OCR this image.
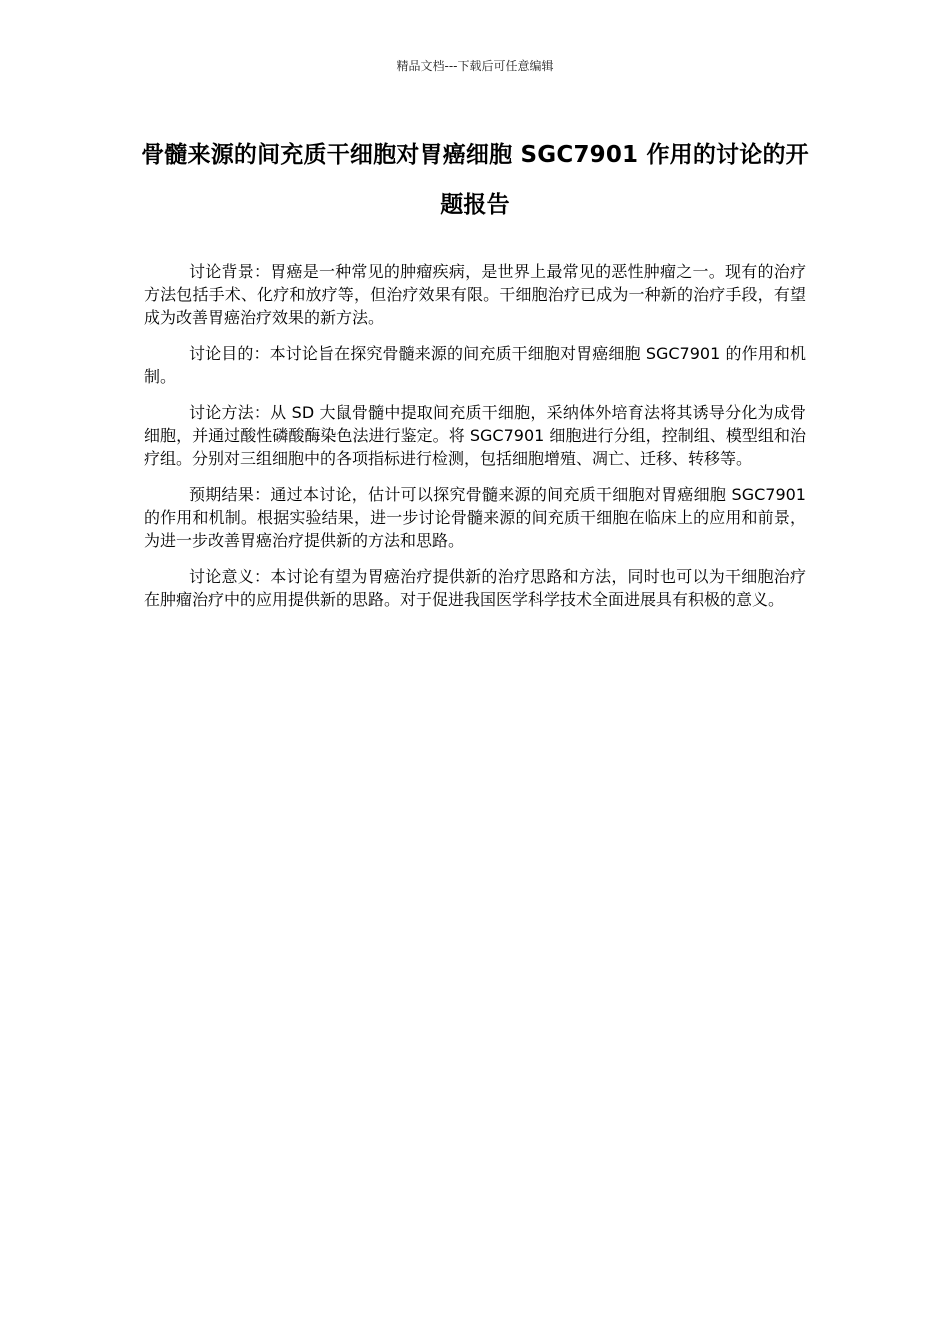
精品文档---下载后可任意编辑
骨髓来源的间充质干细胞对胃癌细胞 SGC7901 作用的讨论的开题报告

讨论背景：胃癌是一种常见的肿瘤疾病，是世界上最常见的恶性肿瘤之一。现有的治疗方法包括手术、化疗和放疗等，但治疗效果有限。干细胞治疗已成为一种新的治疗手段，有望成为改善胃癌治疗效果的新方法。

讨论目的：本讨论旨在探究骨髓来源的间充质干细胞对胃癌细胞 SGC7901 的作用和机制。

讨论方法：从 SD 大鼠骨髓中提取间充质干细胞，采纳体外培育法将其诱导分化为成骨细胞，并通过酸性磷酸酶染色法进行鉴定。将 SGC7901 细胞进行分组，控制组、模型组和治疗组。分别对三组细胞中的各项指标进行检测，包括细胞增殖、凋亡、迁移、转移等。

预期结果：通过本讨论，估计可以探究骨髓来源的间充质干细胞对胃癌细胞 SGC7901 的作用和机制。根据实验结果，进一步讨论骨髓来源的间充质干细胞在临床上的应用和前景，为进一步改善胃癌治疗提供新的方法和思路。

讨论意义：本讨论有望为胃癌治疗提供新的治疗思路和方法，同时也可以为干细胞治疗在肿瘤治疗中的应用提供新的思路。对于促进我国医学科学技术全面进展具有积极的意义。
